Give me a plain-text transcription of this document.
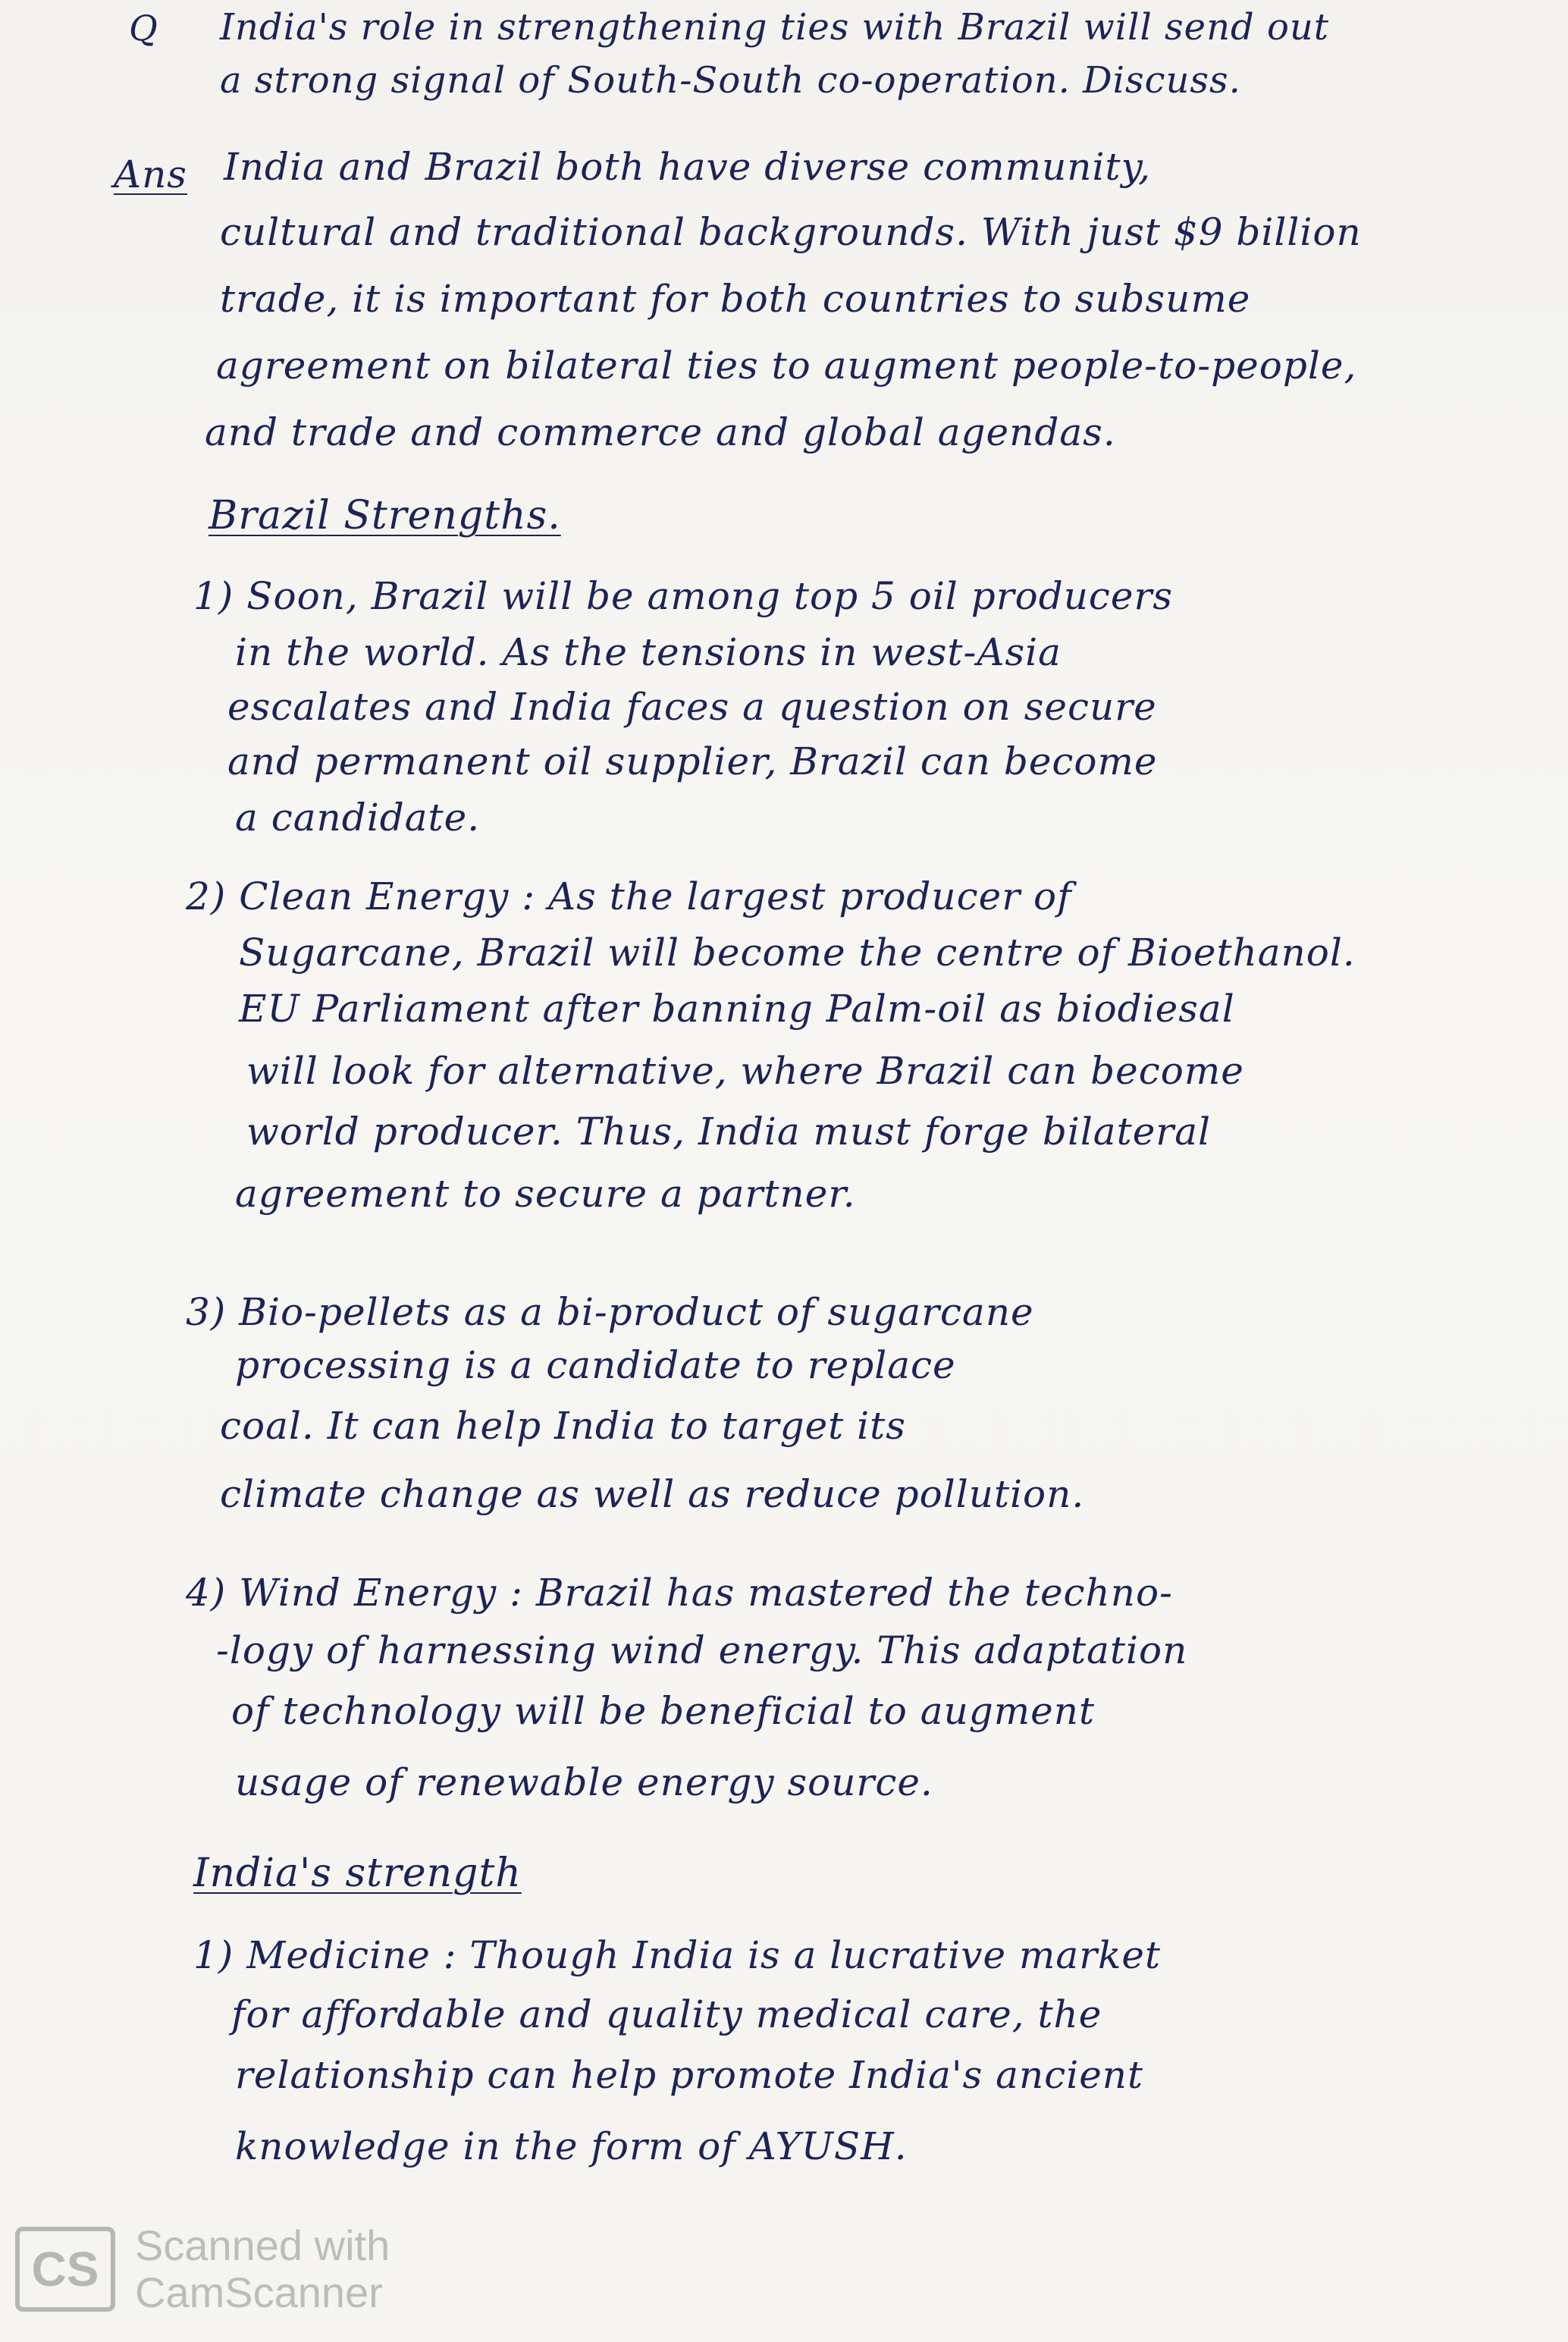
Q India's role in strengthening ties with Brazil will send out
a strong signal of South-South co-operation. Discuss.
Ans India and Brazil both have diverse community,
cultural and traditional backgrounds. With just $9 billion
trade, it is important for both countries to subsume
agreement on bilateral ties to augment people-to-people,
and trade and commerce and global agendas.
Brazil Strengths.
1) Soon, Brazil will be among top 5 oil producers
in the world. As the tensions in west-Asia
escalates and India faces a question on secure
and permanent oil supplier, Brazil can become
a candidate.
2) Clean Energy : As the largest producer of
Sugarcane, Brazil will become the centre of Bioethanol.
EU Parliament after banning Palm-oil as biodiesal
will look for alternative, where Brazil can become
world producer. Thus, India must forge bilateral
agreement to secure a partner.
3) Bio-pellets as a bi-product of sugarcane
processing is a candidate to replace
coal. It can help India to target its
climate change as well as reduce pollution.
4) Wind Energy : Brazil has mastered the techno-
-logy of harnessing wind energy. This adaptation
of technology will be beneficial to augment
usage of renewable energy source.
India's strength
1) Medicine : Though India is a lucrative market
for affordable and quality medical care, the
relationship can help promote India's ancient
knowledge in the form of AYUSH.
CS Scanned with
CamScanner
